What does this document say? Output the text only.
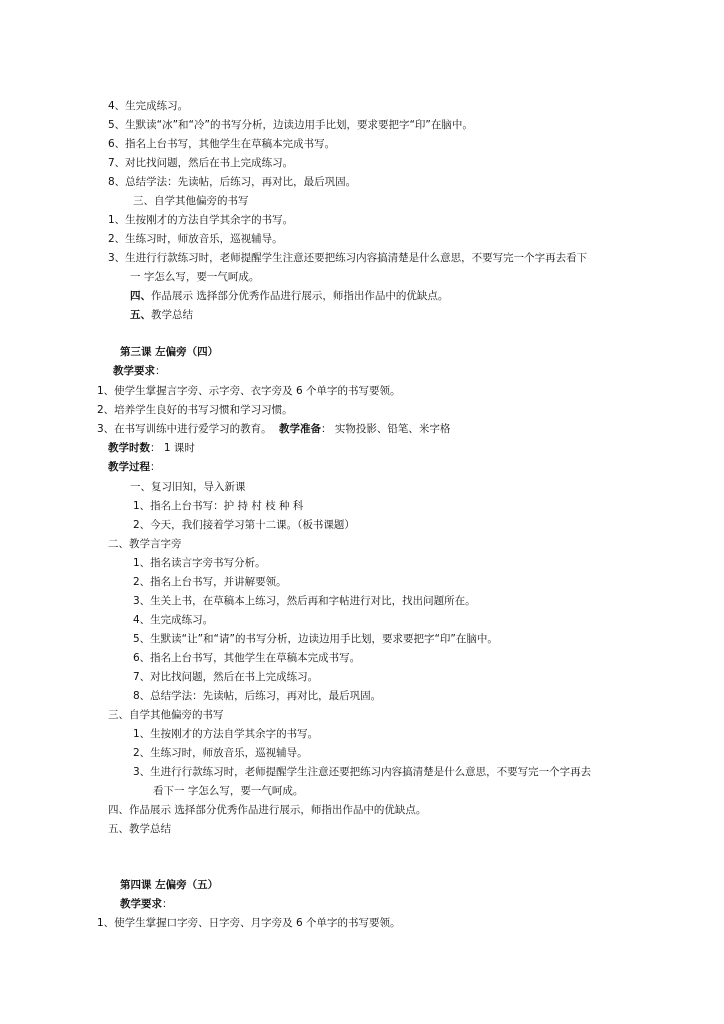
4、生完成练习。
5、生默读“冰”和“冷”的书写分析，边读边用手比划，要求要把字“印”在脑中。
6、指名上台书写，其他学生在草稿本完成书写。
7、对比找问题，然后在书上完成练习。
8、总结学法：先读帖，后练习，再对比，最后巩固。
三、自学其他偏旁的书写
1、生按刚才的方法自学其余字的书写。
2、生练习时，师放音乐，巡视辅导。
3、生进行行款练习时，老师提醒学生注意还要把练习内容搞清楚是什么意思，不要写完一个字再去看下
一 字怎么写，要一气呵成。
四、作品展示 选择部分优秀作品进行展示，师指出作品中的优缺点。
五、教学总结
第三课 左偏旁（四）
教学要求：
1、使学生掌握言字旁、示字旁、衣字旁及 6 个单字的书写要领。
2、培养学生良好的书写习惯和学习习惯。
3、在书写训练中进行爱学习的教育。 教学准备： 实物投影、铅笔、米字格
教学时数： 1 课时
教学过程：
一、复习旧知，导入新课
1、指名上台书写：护 持 村 枝 种 科
2、今天，我们接着学习第十二课。（板书课题）
二、教学言字旁
1、指名读言字旁书写分析。
2、指名上台书写，并讲解要领。
3、生关上书，在草稿本上练习，然后再和字帖进行对比，找出问题所在。
4、生完成练习。
5、生默读“让”和“请”的书写分析，边读边用手比划，要求要把字“印”在脑中。
6、指名上台书写，其他学生在草稿本完成书写。
7、对比找问题，然后在书上完成练习。
8、总结学法：先读帖，后练习，再对比，最后巩固。
三、自学其他偏旁的书写
1、生按刚才的方法自学其余字的书写。
2、生练习时，师放音乐，巡视辅导。
3、生进行行款练习时，老师提醒学生注意还要把练习内容搞清楚是什么意思，不要写完一个字再去
看下一 字怎么写，要一气呵成。
四、作品展示 选择部分优秀作品进行展示，师指出作品中的优缺点。
五、教学总结
第四课 左偏旁（五）
教学要求：
1、使学生掌握口字旁、日字旁、月字旁及 6 个单字的书写要领。
